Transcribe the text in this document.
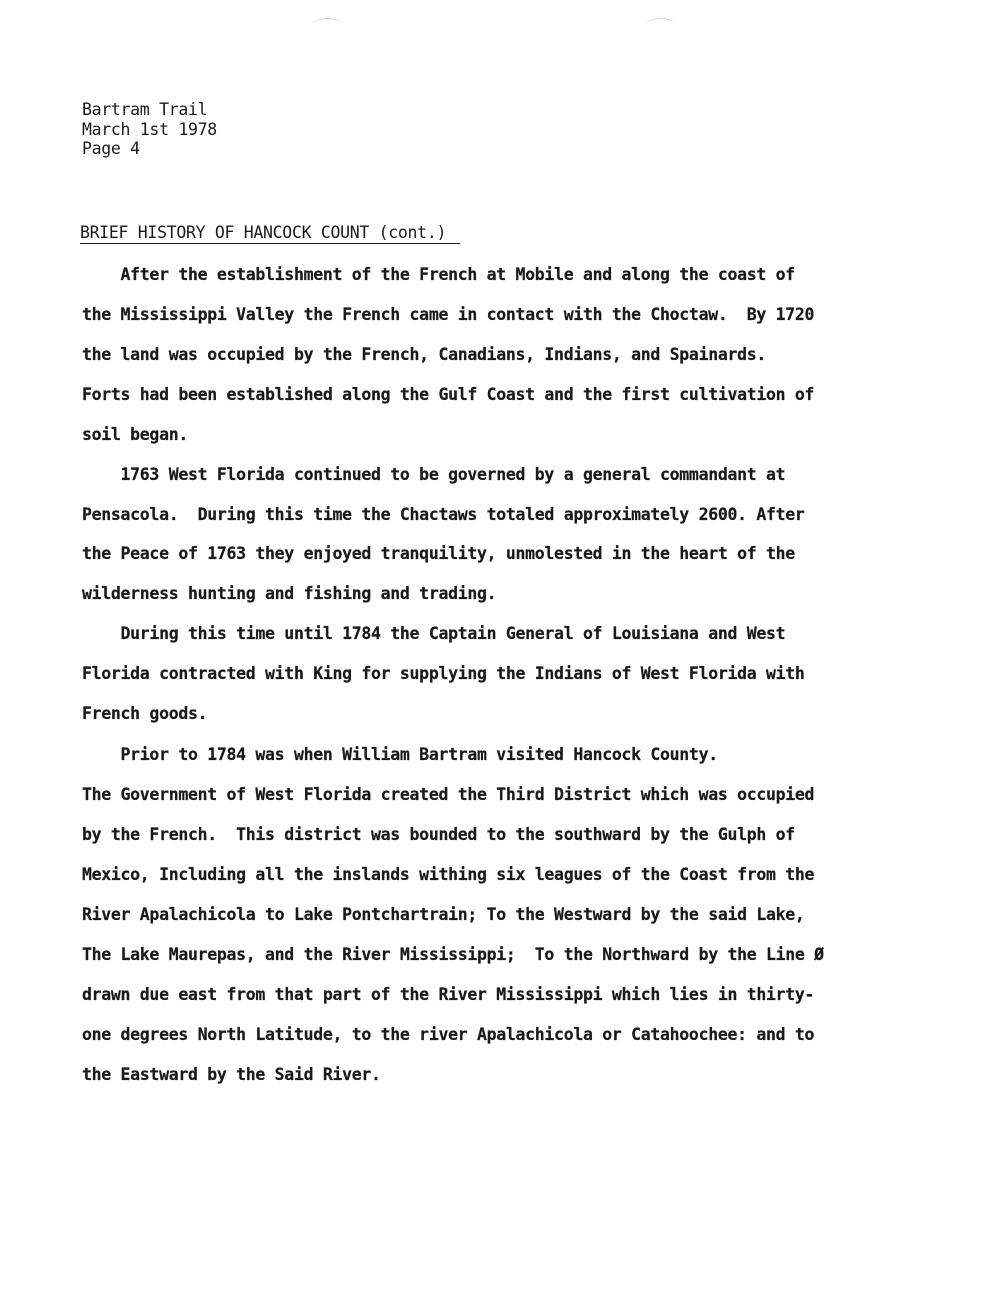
Bartram Trail
March 1st 1978
Page 4
BRIEF HISTORY OF HANCOCK COUNT (cont.)
After the establishment of the French at Mobile and along the coast of
the Mississippi Valley the French came in contact with the Choctaw.  By 1720
the land was occupied by the French, Canadians, Indians, and Spainards.
Forts had been established along the Gulf Coast and the first cultivation of
soil began.
1763 West Florida continued to be governed by a general commandant at
Pensacola.  During this time the Chactaws totaled approximately 2600. After
the Peace of 1763 they enjoyed tranquility, unmolested in the heart of the
wilderness hunting and fishing and trading.
During this time until 1784 the Captain General of Louisiana and West
Florida contracted with King for supplying the Indians of West Florida with
French goods.
Prior to 1784 was when William Bartram visited Hancock County.
The Government of West Florida created the Third District which was occupied
by the French.  This district was bounded to the southward by the Gulph of
Mexico, Including all the inslands withing six leagues of the Coast from the
River Apalachicola to Lake Pontchartrain; To the Westward by the said Lake,
The Lake Maurepas, and the River Mississippi;  To the Northward by the Line Ø
drawn due east from that part of the River Mississippi which lies in thirty-
one degrees North Latitude, to the river Apalachicola or Catahoochee: and to
the Eastward by the Said River.
